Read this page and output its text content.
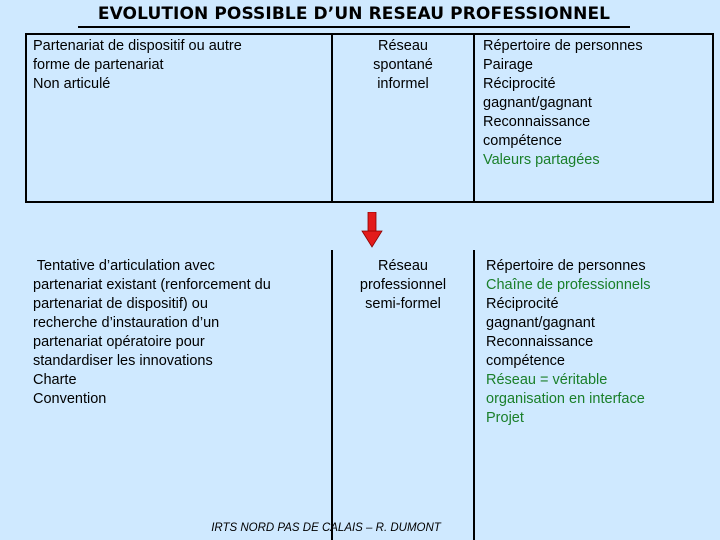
EVOLUTION POSSIBLE D’UN RESEAU PROFESSIONNEL

Partenariat de dispositif ou autre

forme de partenariat

Non articulé

Réseau

spontané

informel

Répertoire de personnes

Pairage

Réciprocité

gagnant/gagnant

Reconnaissance

compétence

Valeurs partagées

Tentative d’articulation avec

partenariat existant (renforcement du

partenariat de dispositif) ou

recherche d’instauration d’un

partenariat opératoire pour

standardiser les innovations

Charte

Convention

Réseau

professionnel

semi-formel

Répertoire de personnes

Chaîne de professionnels

Réciprocité

gagnant/gagnant

Reconnaissance

compétence

Réseau = véritable

organisation en interface

Projet

IRTS NORD PAS DE CALAIS – R. DUMONT
